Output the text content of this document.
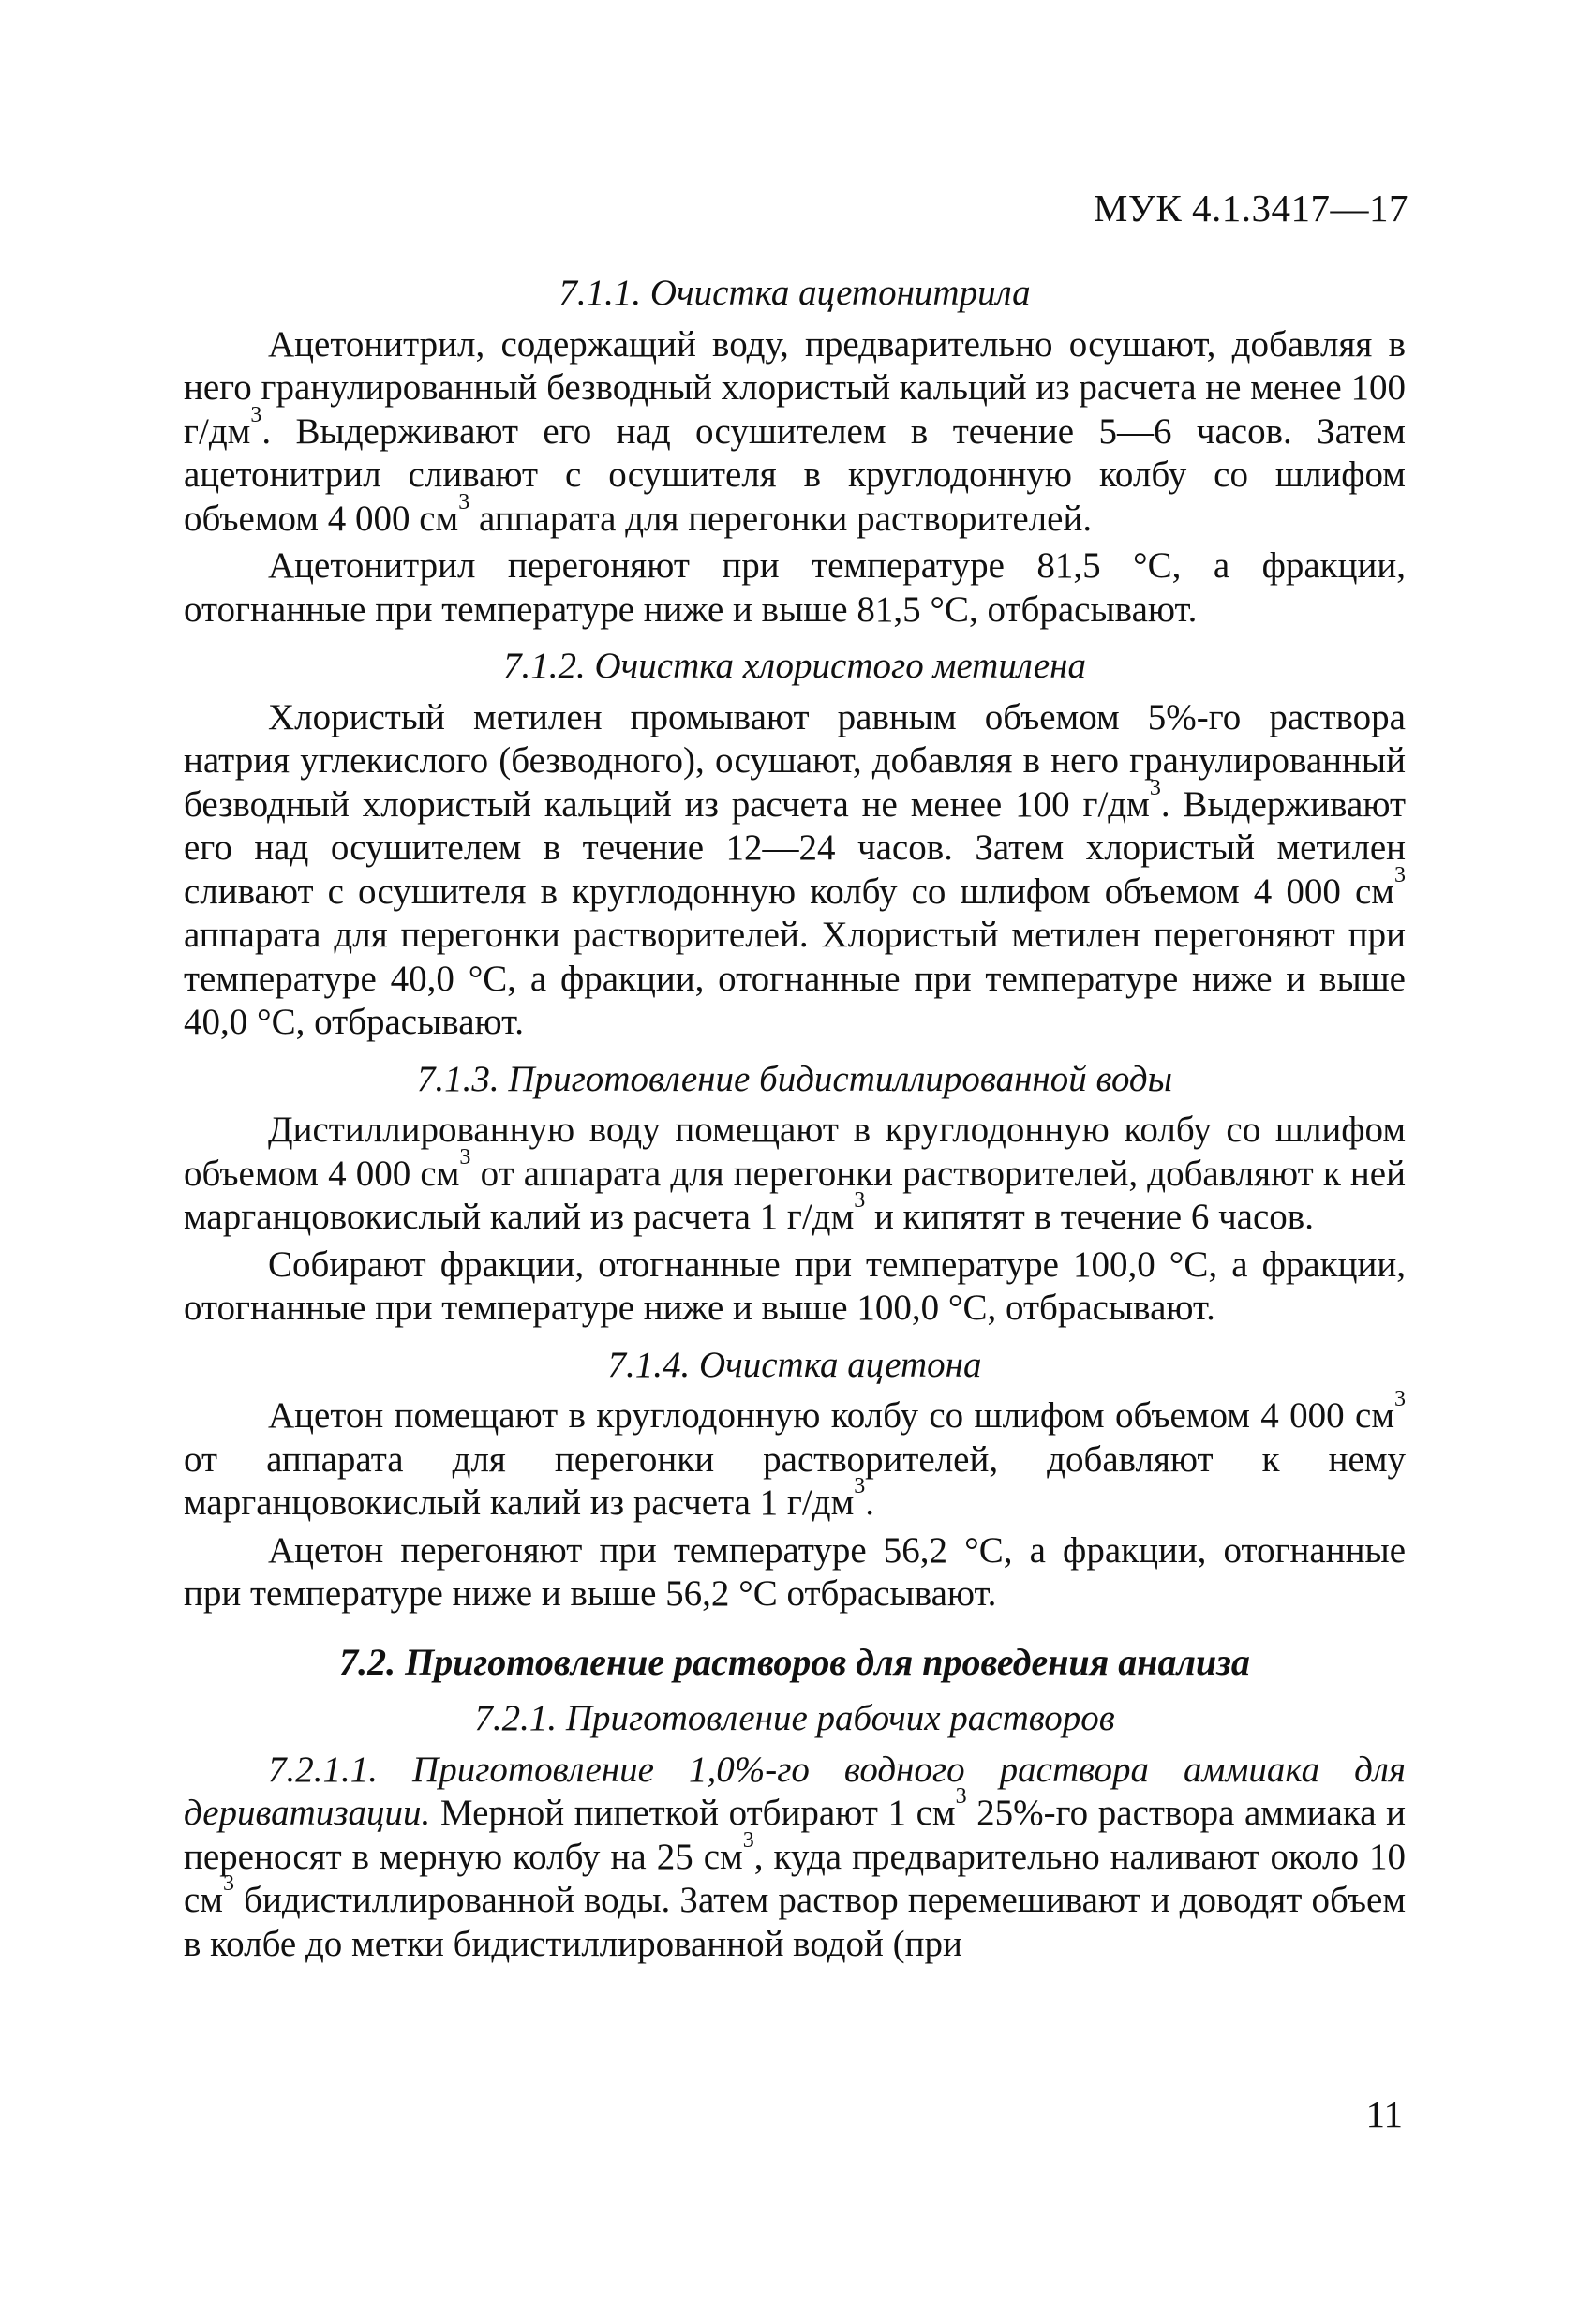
МУК 4.1.3417—17
7.1.1. Очистка ацетонитрила

Ацетонитрил, содержащий воду, предварительно осушают, добавляя в него гранулированный безводный хлористый кальций из расчета не менее 100 $г/дм^3$. Выдерживают его над осушителем в течение 5—6 часов. Затем ацетонитрил сливают с осушителя в круглодонную колбу со шлифом объемом 4 000 $см^3$ аппарата для перегонки растворителей.

Ацетонитрил перегоняют при температуре 81,5 °С, а фракции, отогнанные при температуре ниже и выше 81,5 °С, отбрасывают.

7.1.2. Очистка хлористого метилена

Хлористый метилен промывают равным объемом 5%-го раствора натрия углекислого (безводного), осушают, добавляя в него гранулированный безводный хлористый кальций из расчета не менее 100 $г/дм^3$. Выдерживают его над осушителем в течение 12—24 часов. Затем хлористый метилен сливают с осушителя в круглодонную колбу со шлифом объемом 4 000 $см^3$ аппарата для перегонки растворителей. Хлористый метилен перегоняют при температуре 40,0 °С, а фракции, отогнанные при температуре ниже и выше 40,0 °С, отбрасывают.

7.1.3. Приготовление бидистиллированной воды

Дистиллированную воду помещают в круглодонную колбу со шлифом объемом 4 000 $см^3$ от аппарата для перегонки растворителей, добавляют к ней марганцовокислый калий из расчета 1 $г/дм^3$ и кипятят в течение 6 часов.

Собирают фракции, отогнанные при температуре 100,0 °С, а фракции, отогнанные при температуре ниже и выше 100,0 °С, отбрасывают.

7.1.4. Очистка ацетона

Ацетон помещают в круглодонную колбу со шлифом объемом 4 000 $см^3$ от аппарата для перегонки растворителей, добавляют к нему марганцовокислый калий из расчета 1 $г/дм^3$.

Ацетон перегоняют при температуре 56,2 °С, а фракции, отогнанные при температуре ниже и выше 56,2 °С отбрасывают.

7.2. Приготовление растворов для проведения анализа
7.2.1. Приготовление рабочих растворов

7.2.1.1. Приготовление 1,0%-го водного раствора аммиака для дериватизации. Мерной пипеткой отбирают 1 $см^3$ 25%-го раствора аммиака и переносят в мерную колбу на 25 $см^3$, куда предварительно наливают около 10 $см^3$ бидистиллированной воды. Затем раствор перемешивают и доводят объем в колбе до метки бидистиллированной водой (при

11
